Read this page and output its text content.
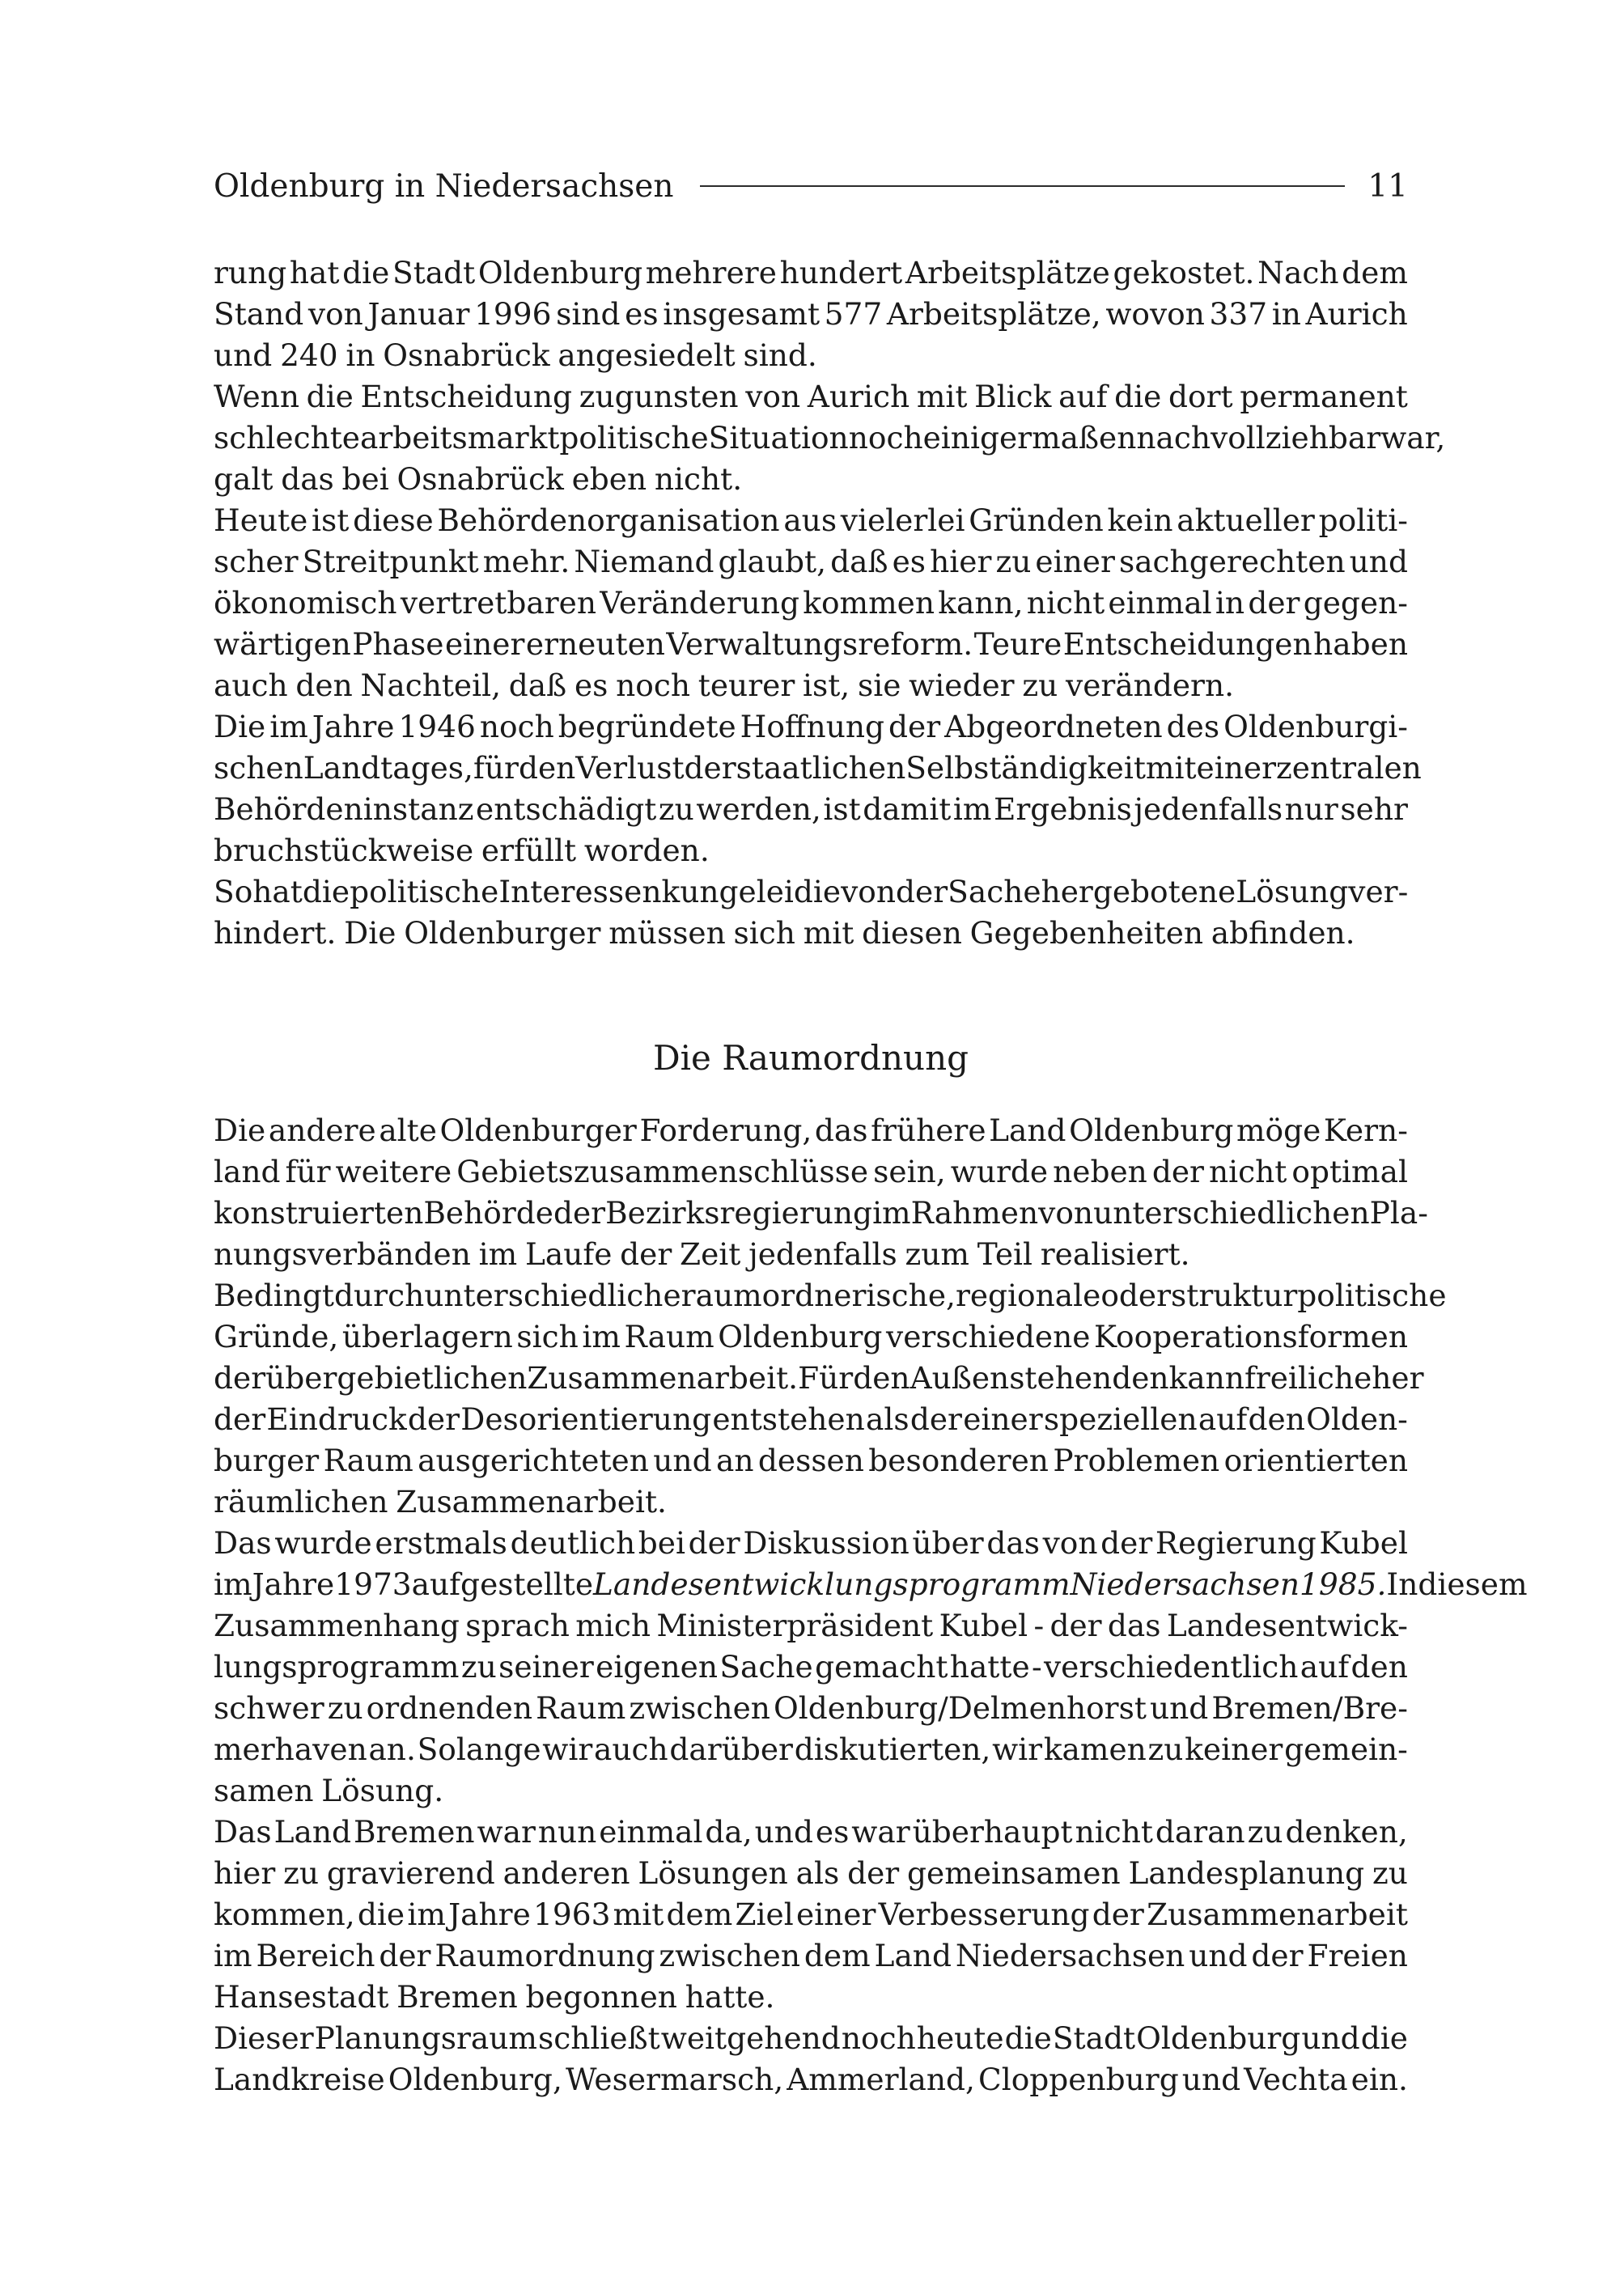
Oldenburg in Niedersachsen	11
rung hat die Stadt Oldenburg mehrere hundert Arbeitsplätze gekostet. Nach dem
Stand von Januar 1996 sind es insgesamt 577 Arbeitsplätze, wovon 337 in Aurich
und 240 in Osnabrück angesiedelt sind.
Wenn die Entscheidung zugunsten von Aurich mit Blick auf die dort permanent
schlechte arbeitsmarktpolitische Situation noch einigermaßen nachvollziehbar war,
galt das bei Osnabrück eben nicht.
Heute ist diese Behördenorganisation aus vielerlei Gründen kein aktueller politi-
scher Streitpunkt mehr. Niemand glaubt, daß es hier zu einer sachgerechten und
ökonomisch vertretbaren Veränderung kommen kann, nicht einmal in der gegen-
wärtigen Phase einer erneuten Verwaltungsreform. Teure Entscheidungen haben
auch den Nachteil, daß es noch teurer ist, sie wieder zu verändern.
Die im Jahre 1946 noch begründete Hoffnung der Abgeordneten des Oldenburgi-
schen Landtages, für den Verlust der staatlichen Selbständigkeit mit einer zentralen
Behördeninstanz entschädigt zu werden, ist damit im Ergebnis jedenfalls nur sehr
bruchstückweise erfüllt worden.
So hat die politische Interessenkungelei die von der Sache her gebotene Lösung ver-
hindert. Die Oldenburger müssen sich mit diesen Gegebenheiten abfinden.
Die Raumordnung
Die andere alte Oldenburger Forderung, das frühere Land Oldenburg möge Kern-
land für weitere Gebietszusammenschlüsse sein, wurde neben der nicht optimal
konstruierten Behörde der Bezirksregierung im Rahmen von unterschiedlichen Pla-
nungsverbänden im Laufe der Zeit jedenfalls zum Teil realisiert.
Bedingt durch unterschiedliche raumordnerische, regionale oder strukturpolitische
Gründe, überlagern sich im Raum Oldenburg verschiedene Kooperationsformen
der übergebietlichen Zusammenarbeit. Für den Außenstehenden kann freilich eher
der Eindruck der Desorientierung entstehen als der einer speziellen auf den Olden-
burger Raum ausgerichteten und an dessen besonderen Problemen orientierten
räumlichen Zusammenarbeit.
Das wurde erstmals deutlich bei der Diskussion über das von der Regierung Kubel
im Jahre 1973 aufgestellte Landesentwicklungsprogramm Niedersachsen 1985. In diesem
Zusammenhang sprach mich Ministerpräsident Kubel - der das Landesentwick-
lungsprogramm zu seiner eigenen Sache gemacht hatte - verschiedentlich auf den
schwer zu ordnenden Raum zwischen Oldenburg/Delmenhorst und Bremen/Bre-
merhaven an. Solange wir auch darüber diskutierten, wir kamen zu keiner gemein-
samen Lösung.
Das Land Bremen war nun einmal da, und es war überhaupt nicht daran zu denken,
hier zu gravierend anderen Lösungen als der gemeinsamen Landesplanung zu
kommen, die im Jahre 1963 mit dem Ziel einer Verbesserung der Zusammenarbeit
im Bereich der Raumordnung zwischen dem Land Niedersachsen und der Freien
Hansestadt Bremen begonnen hatte.
Dieser Planungsraum schließt weitgehend noch heute die Stadt Oldenburg und die
Landkreise Oldenburg, Wesermarsch, Ammerland, Cloppenburg und Vechta ein.
